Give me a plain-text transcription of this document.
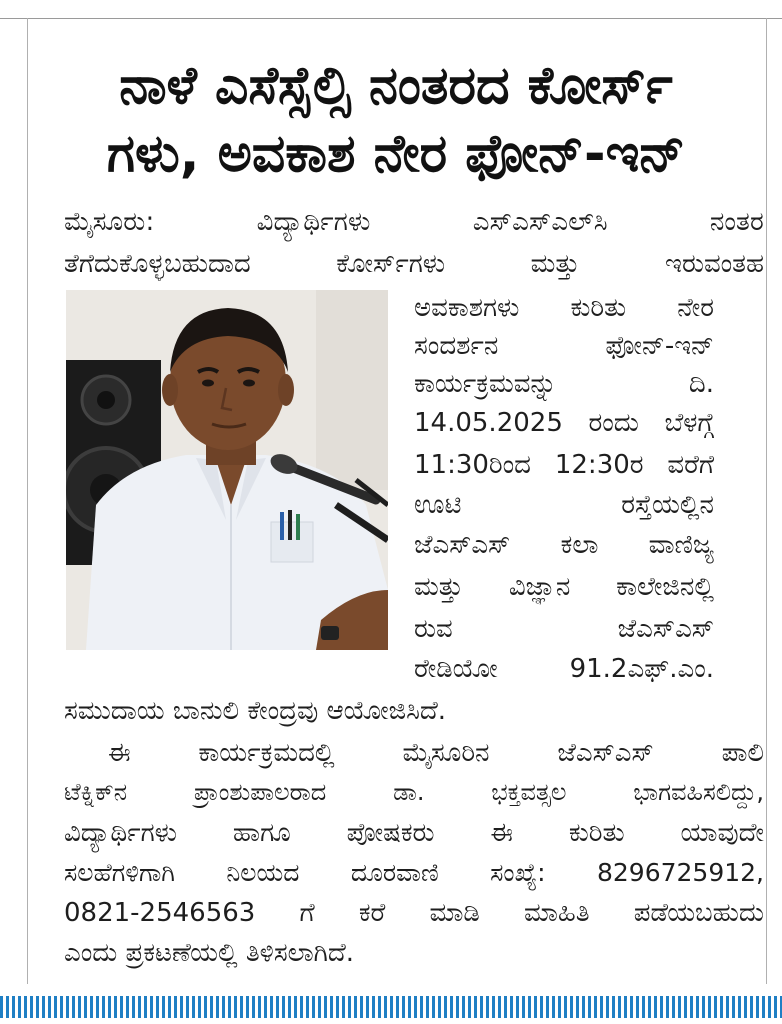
ನಾಳೆ ಎಸೆಸ್ಸೆಲ್ಸಿ ನಂತರದ ಕೋರ್ಸ್
ಗಳು, ಅವಕಾಶ ನೇರ ಫೋನ್-ಇನ್
ಮೈಸೂರು: ವಿದ್ಯಾರ್ಥಿಗಳು ಎಸ್‌ಎಸ್‌ಎಲ್‌ಸಿ ನಂತರ
ತೆಗೆದುಕೊಳ್ಳಬಹುದಾದ ಕೋರ್ಸ್‌ಗಳು ಮತ್ತು ಇರುವಂತಹ
ಅವಕಾಶಗಳು ಕುರಿತು ನೇರ
ಸಂದರ್ಶನ ಫೋನ್-ಇನ್
ಕಾರ್ಯಕ್ರಮವನ್ನು ದಿ.
14.05.2025 ರಂದು ಬೆಳಗ್ಗೆ
11:30ರಿಂದ 12:30ರ ವರೆಗೆ
ಊಟಿ ರಸ್ತೆಯಲ್ಲಿನ
ಜೆಎಸ್‌ಎಸ್ ಕಲಾ ವಾಣಿಜ್ಯ
ಮತ್ತು ವಿಜ್ಞಾನ ಕಾಲೇಜಿನಲ್ಲಿ
ರುವ ಜೆಎಸ್‌ಎಸ್
ರೇಡಿಯೋ 91.2ಎಫ್.ಎಂ.
ಸಮುದಾಯ ಬಾನುಲಿ ಕೇಂದ್ರವು ಆಯೋಜಿಸಿದೆ.
ಈ ಕಾರ್ಯಕ್ರಮದಲ್ಲಿ ಮೈಸೂರಿನ ಜೆಎಸ್‌ಎಸ್ ಪಾಲಿ
ಟೆಕ್ನಿಕ್‌ನ ಪ್ರಾಂಶುಪಾಲರಾದ ಡಾ. ಭಕ್ತವತ್ಸಲ ಭಾಗವಹಿಸಲಿದ್ದು,
ವಿದ್ಯಾರ್ಥಿಗಳು ಹಾಗೂ ಪೋಷಕರು ಈ ಕುರಿತು ಯಾವುದೇ
ಸಲಹೆಗಳಿಗಾಗಿ ನಿಲಯದ ದೂರವಾಣಿ ಸಂಖ್ಯೆ: 8296725912,
0821-2546563 ಗೆ ಕರೆ ಮಾಡಿ ಮಾಹಿತಿ ಪಡೆಯಬಹುದು
ಎಂದು ಪ್ರಕಟಣೆಯಲ್ಲಿ ತಿಳಿಸಲಾಗಿದೆ.
